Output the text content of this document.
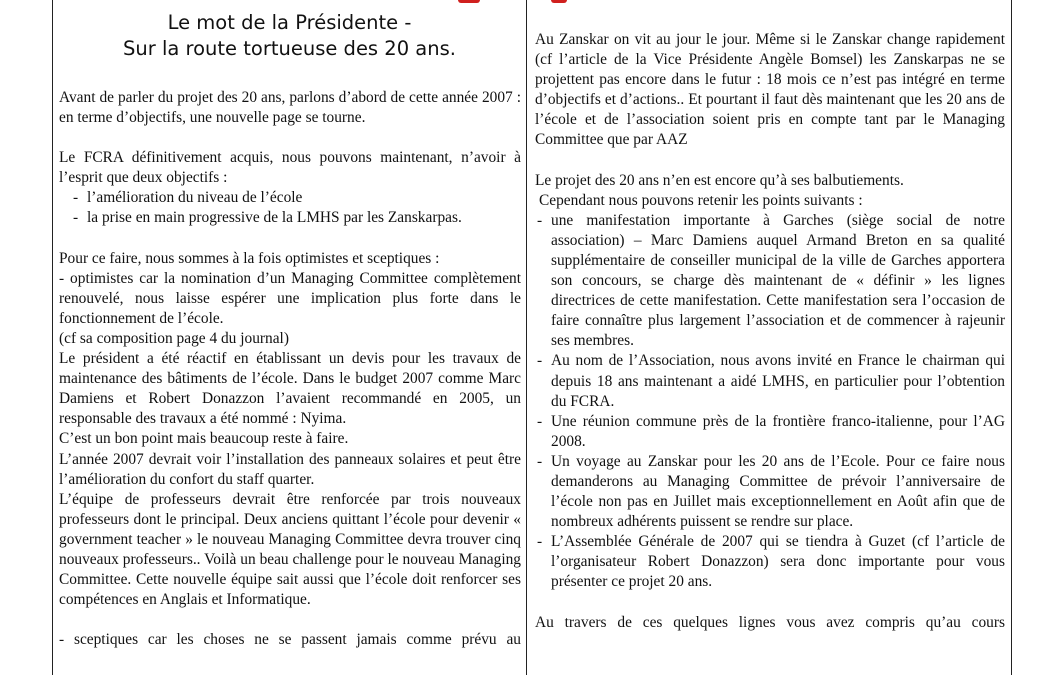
Le mot de la Présidente -
Sur la route tortueuse des 20 ans.

Avant de parler du projet des 20 ans, parlons d’abord de cette année 2007 : en terme d’objectifs, une nouvelle page se tourne.

Le FCRA définitivement acquis, nous pouvons maintenant, n’avoir à l’esprit que deux objectifs :

- l’amélioration du niveau de l’école
- la prise en main progressive de la LMHS par les Zanskarpas.

Pour ce faire, nous sommes à la fois optimistes et sceptiques :

- optimistes car la nomination d’un Managing Committee complètement renouvelé, nous laisse espérer une implication plus forte dans le fonctionnement de l’école.

(cf sa composition page 4 du journal)

Le président a été réactif en établissant un devis pour les travaux de maintenance des bâtiments de l’école. Dans le budget 2007 comme Marc Damiens et Robert Donazzon l’avaient recommandé en 2005, un responsable des travaux a été nommé : Nyima.

C’est un bon point mais beaucoup reste à faire.

L’année 2007 devrait voir l’installation des panneaux solaires et peut être l’amélioration du confort du staff quarter.

L’équipe de professeurs devrait être renforcée par trois nouveaux professeurs dont le principal. Deux anciens quittant l’école pour devenir « government teacher » le nouveau Managing Committee devra trouver cinq nouveaux professeurs.. Voilà un beau challenge pour le nouveau Managing Committee. Cette nouvelle équipe sait aussi que l’école doit renforcer ses compétences en Anglais et Informatique.

- sceptiques car les choses ne se passent jamais comme prévu au

Au Zanskar on vit au jour le jour. Même si le Zanskar change rapidement (cf l’article de la Vice Présidente Angèle Bomsel) les Zanskarpas ne se projettent pas encore dans le futur : 18 mois ce n’est pas intégré en terme d’objectifs et d’actions.. Et pourtant il faut dès maintenant que les 20 ans de l’école et de l’association soient pris en compte tant par le Managing Committee que par AAZ

Le projet des 20 ans n’en est encore qu’à ses balbutiements.

Cependant nous pouvons retenir les points suivants :

- une manifestation importante à Garches (siège social de notre association) – Marc Damiens auquel Armand Breton en sa qualité supplémentaire de conseiller municipal de la ville de Garches apportera son concours, se charge dès maintenant de « définir » les lignes directrices de cette manifestation. Cette manifestation sera l’occasion de faire connaître plus largement l’association et de commencer à rajeunir ses membres.
- Au nom de l’Association, nous avons invité en France le chairman qui depuis 18 ans maintenant a aidé LMHS, en particulier pour l’obtention du FCRA.
- Une réunion commune près de la frontière franco-italienne, pour l’AG 2008.
- Un voyage au Zanskar pour les 20 ans de l’Ecole. Pour ce faire nous demanderons au Managing Committee de prévoir l’anniversaire de l’école non pas en Juillet mais exceptionnellement en Août afin que de nombreux adhérents puissent se rendre sur place.
- L’Assemblée Générale de 2007 qui se tiendra à Guzet (cf l’article de l’organisateur Robert Donazzon) sera donc importante pour vous présenter ce projet 20 ans.

Au travers de ces quelques lignes vous avez compris qu’au cours
